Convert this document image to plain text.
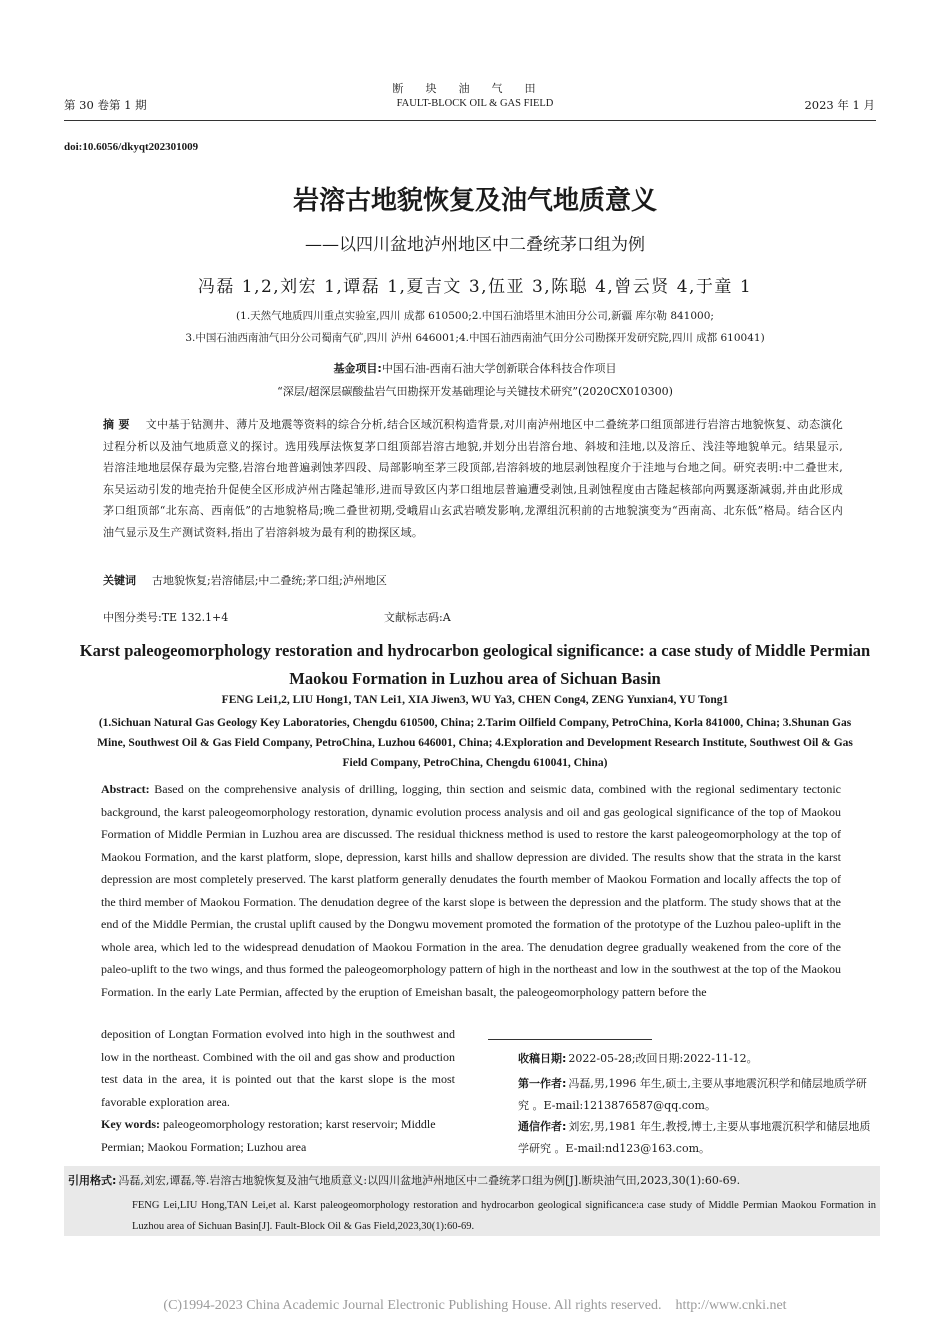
断块油气田
第 30 卷第 1 期	FAULT-BLOCK OIL & GAS FIELD	2023 年 1 月
doi:10.6056/dkyqt202301009
岩溶古地貌恢复及油气地质意义
——以四川盆地泸州地区中二叠统茅口组为例
冯磊 1,2,刘宏 1,谭磊 1,夏吉文 3,伍亚 3,陈聪 4,曾云贤 4,于童 1
(1.天然气地质四川重点实验室,四川 成都 610500;2.中国石油塔里木油田分公司,新疆 库尔勒 841000;
3.中国石油西南油气田分公司蜀南气矿,四川 泸州 646001;4.中国石油西南油气田分公司勘探开发研究院,四川 成都 610041)
基金项目:中国石油-西南石油大学创新联合体科技合作项目
“深层/超深层碳酸盐岩气田勘探开发基础理论与关键技术研究”(2020CX010300)
摘 要 文中基于钻测井、薄片及地震等资料的综合分析,结合区域沉积构造背景,对川南泸州地区中二叠统茅口组顶部进行岩溶古地貌恢复、动态演化过程分析以及油气地质意义的探讨。选用残厚法恢复茅口组顶部岩溶古地貌,并划分出岩溶台地、斜坡和洼地,以及溶丘、浅洼等地貌单元。结果显示,岩溶洼地地层保存最为完整,岩溶台地普遍剥蚀茅四段、局部影响至茅三段顶部,岩溶斜坡的地层剥蚀程度介于洼地与台地之间。研究表明:中二叠世末,东吴运动引发的地壳抬升促使全区形成泸州古隆起雏形,进而导致区内茅口组地层普遍遭受剥蚀,且剥蚀程度由古隆起核部向两翼逐渐减弱,并由此形成茅口组顶部“北东高、西南低”的古地貌格局;晚二叠世初期,受峨眉山玄武岩喷发影响,龙潭组沉积前的古地貌演变为“西南高、北东低”格局。结合区内油气显示及生产测试资料,指出了岩溶斜坡为最有利的勘探区域。
关键词 古地貌恢复;岩溶储层;中二叠统;茅口组;泸州地区
中图分类号:TE 132.1+4	文献标志码:A
Karst paleogeomorphology restoration and hydrocarbon geological significance: a case study of Middle Permian Maokou Formation in Luzhou area of Sichuan Basin
FENG Lei1,2, LIU Hong1, TAN Lei1, XIA Jiwen3, WU Ya3, CHEN Cong4, ZENG Yunxian4, YU Tong1
(1.Sichuan Natural Gas Geology Key Laboratories, Chengdu 610500, China; 2.Tarim Oilfield Company, PetroChina, Korla 841000, China; 3.Shunan Gas Mine, Southwest Oil & Gas Field Company, PetroChina, Luzhou 646001, China; 4.Exploration and Development Research Institute, Southwest Oil & Gas Field Company, PetroChina, Chengdu 610041, China)
Abstract: Based on the comprehensive analysis of drilling, logging, thin section and seismic data, combined with the regional sedimentary tectonic background, the karst paleogeomorphology restoration, dynamic evolution process analysis and oil and gas geological significance of the top of Maokou Formation of Middle Permian in Luzhou area are discussed. The residual thickness method is used to restore the karst paleogeomorphology at the top of Maokou Formation, and the karst platform, slope, depression, karst hills and shallow depression are divided. The results show that the strata in the karst depression are most completely preserved. The karst platform generally denudates the fourth member of Maokou Formation and locally affects the top of the third member of Maokou Formation. The denudation degree of the karst slope is between the depression and the platform. The study shows that at the end of the Middle Permian, the crustal uplift caused by the Dongwu movement promoted the formation of the prototype of the Luzhou paleo-uplift in the whole area, which led to the widespread denudation of Maokou Formation in the area. The denudation degree gradually weakened from the core of the paleo-uplift to the two wings, and thus formed the paleogeomorphology pattern of high in the northeast and low in the southwest at the top of the Maokou Formation. In the early Late Permian, affected by the eruption of Emeishan basalt, the paleogeomorphology pattern before the
deposition of Longtan Formation evolved into high in the southwest and low in the northeast. Combined with the oil and gas show and production test data in the area, it is pointed out that the karst slope is the most favorable exploration area.
Key words: paleogeomorphology restoration; karst reservoir; Middle Permian; Maokou Formation; Luzhou area
收稿日期: 2022-05-28;改回日期:2022-11-12。
第一作者: 冯磊,男,1996 年生,硕士,主要从事地震沉积学和储层地质学研究 。E-mail:1213876587@qq.com。
通信作者: 刘宏,男,1981 年生,教授,博士,主要从事地震沉积学和储层地质学研究 。E-mail:nd123@163.com。
引用格式: 冯磊,刘宏,谭磊,等.岩溶古地貌恢复及油气地质意义:以四川盆地泸州地区中二叠统茅口组为例[J].断块油气田,2023,30(1):60-69.
FENG Lei,LIU Hong,TAN Lei,et al. Karst paleogeomorphology restoration and hydrocarbon geological significance:a case study of Middle Permian Maokou Formation in Luzhou area of Sichuan Basin[J]. Fault-Block Oil & Gas Field,2023,30(1):60-69.
(C)1994-2023 China Academic Journal Electronic Publishing House. All rights reserved.    http://www.cnki.net
